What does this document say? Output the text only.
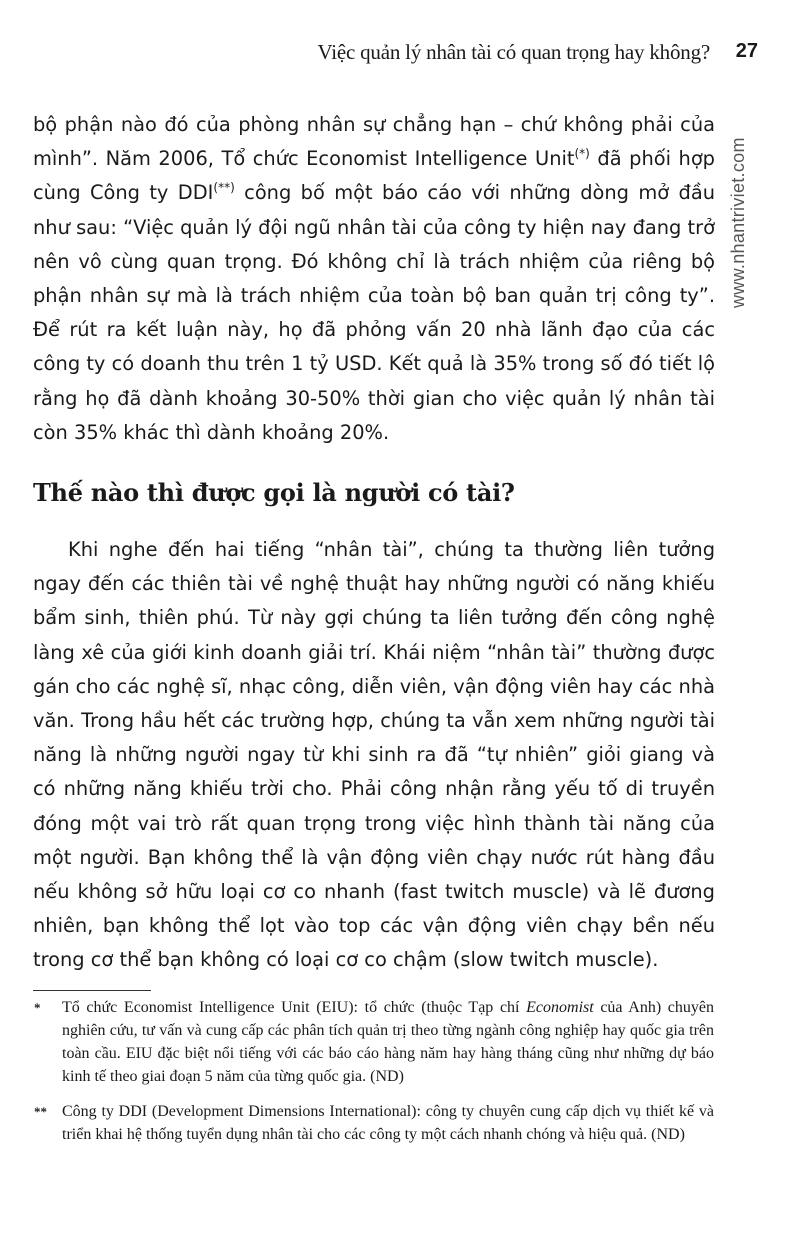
Việc quản lý nhân tài có quan trọng hay không? 27
www.nhantriviet.com
bộ phận nào đó của phòng nhân sự chẳng hạn – chứ không phải của mình”. Năm 2006, Tổ chức Economist Intelligence Unit(*) đã phối hợp cùng Công ty DDI(**) công bố một báo cáo với những dòng mở đầu như sau: “Việc quản lý đội ngũ nhân tài của công ty hiện nay đang trở nên vô cùng quan trọng. Đó không chỉ là trách nhiệm của riêng bộ phận nhân sự mà là trách nhiệm của toàn bộ ban quản trị công ty”. Để rút ra kết luận này, họ đã phỏng vấn 20 nhà lãnh đạo của các công ty có doanh thu trên 1 tỷ USD. Kết quả là 35% trong số đó tiết lộ rằng họ đã dành khoảng 30-50% thời gian cho việc quản lý nhân tài còn 35% khác thì dành khoảng 20%.
Thế nào thì được gọi là người có tài?
Khi nghe đến hai tiếng “nhân tài”, chúng ta thường liên tưởng ngay đến các thiên tài về nghệ thuật hay những người có năng khiếu bẩm sinh, thiên phú. Từ này gợi chúng ta liên tưởng đến công nghệ làng xê của giới kinh doanh giải trí. Khái niệm “nhân tài” thường được gán cho các nghệ sĩ, nhạc công, diễn viên, vận động viên hay các nhà văn. Trong hầu hết các trường hợp, chúng ta vẫn xem những người tài năng là những người ngay từ khi sinh ra đã “tự nhiên” giỏi giang và có những năng khiếu trời cho. Phải công nhận rằng yếu tố di truyền đóng một vai trò rất quan trọng trong việc hình thành tài năng của một người. Bạn không thể là vận động viên chạy nước rút hàng đầu nếu không sở hữu loại cơ co nhanh (fast twitch muscle) và lẽ đương nhiên, bạn không thể lọt vào top các vận động viên chạy bền nếu trong cơ thể bạn không có loại cơ co chậm (slow twitch muscle).
* Tổ chức Economist Intelligence Unit (EIU): tổ chức (thuộc Tạp chí Economist của Anh) chuyên nghiên cứu, tư vấn và cung cấp các phân tích quản trị theo từng ngành công nghiệp hay quốc gia trên toàn cầu. EIU đặc biệt nổi tiếng với các báo cáo hàng năm hay hàng tháng cũng như những dự báo kinh tế theo giai đoạn 5 năm của từng quốc gia. (ND)
** Công ty DDI (Development Dimensions International): công ty chuyên cung cấp dịch vụ thiết kế và triển khai hệ thống tuyển dụng nhân tài cho các công ty một cách nhanh chóng và hiệu quả. (ND)
